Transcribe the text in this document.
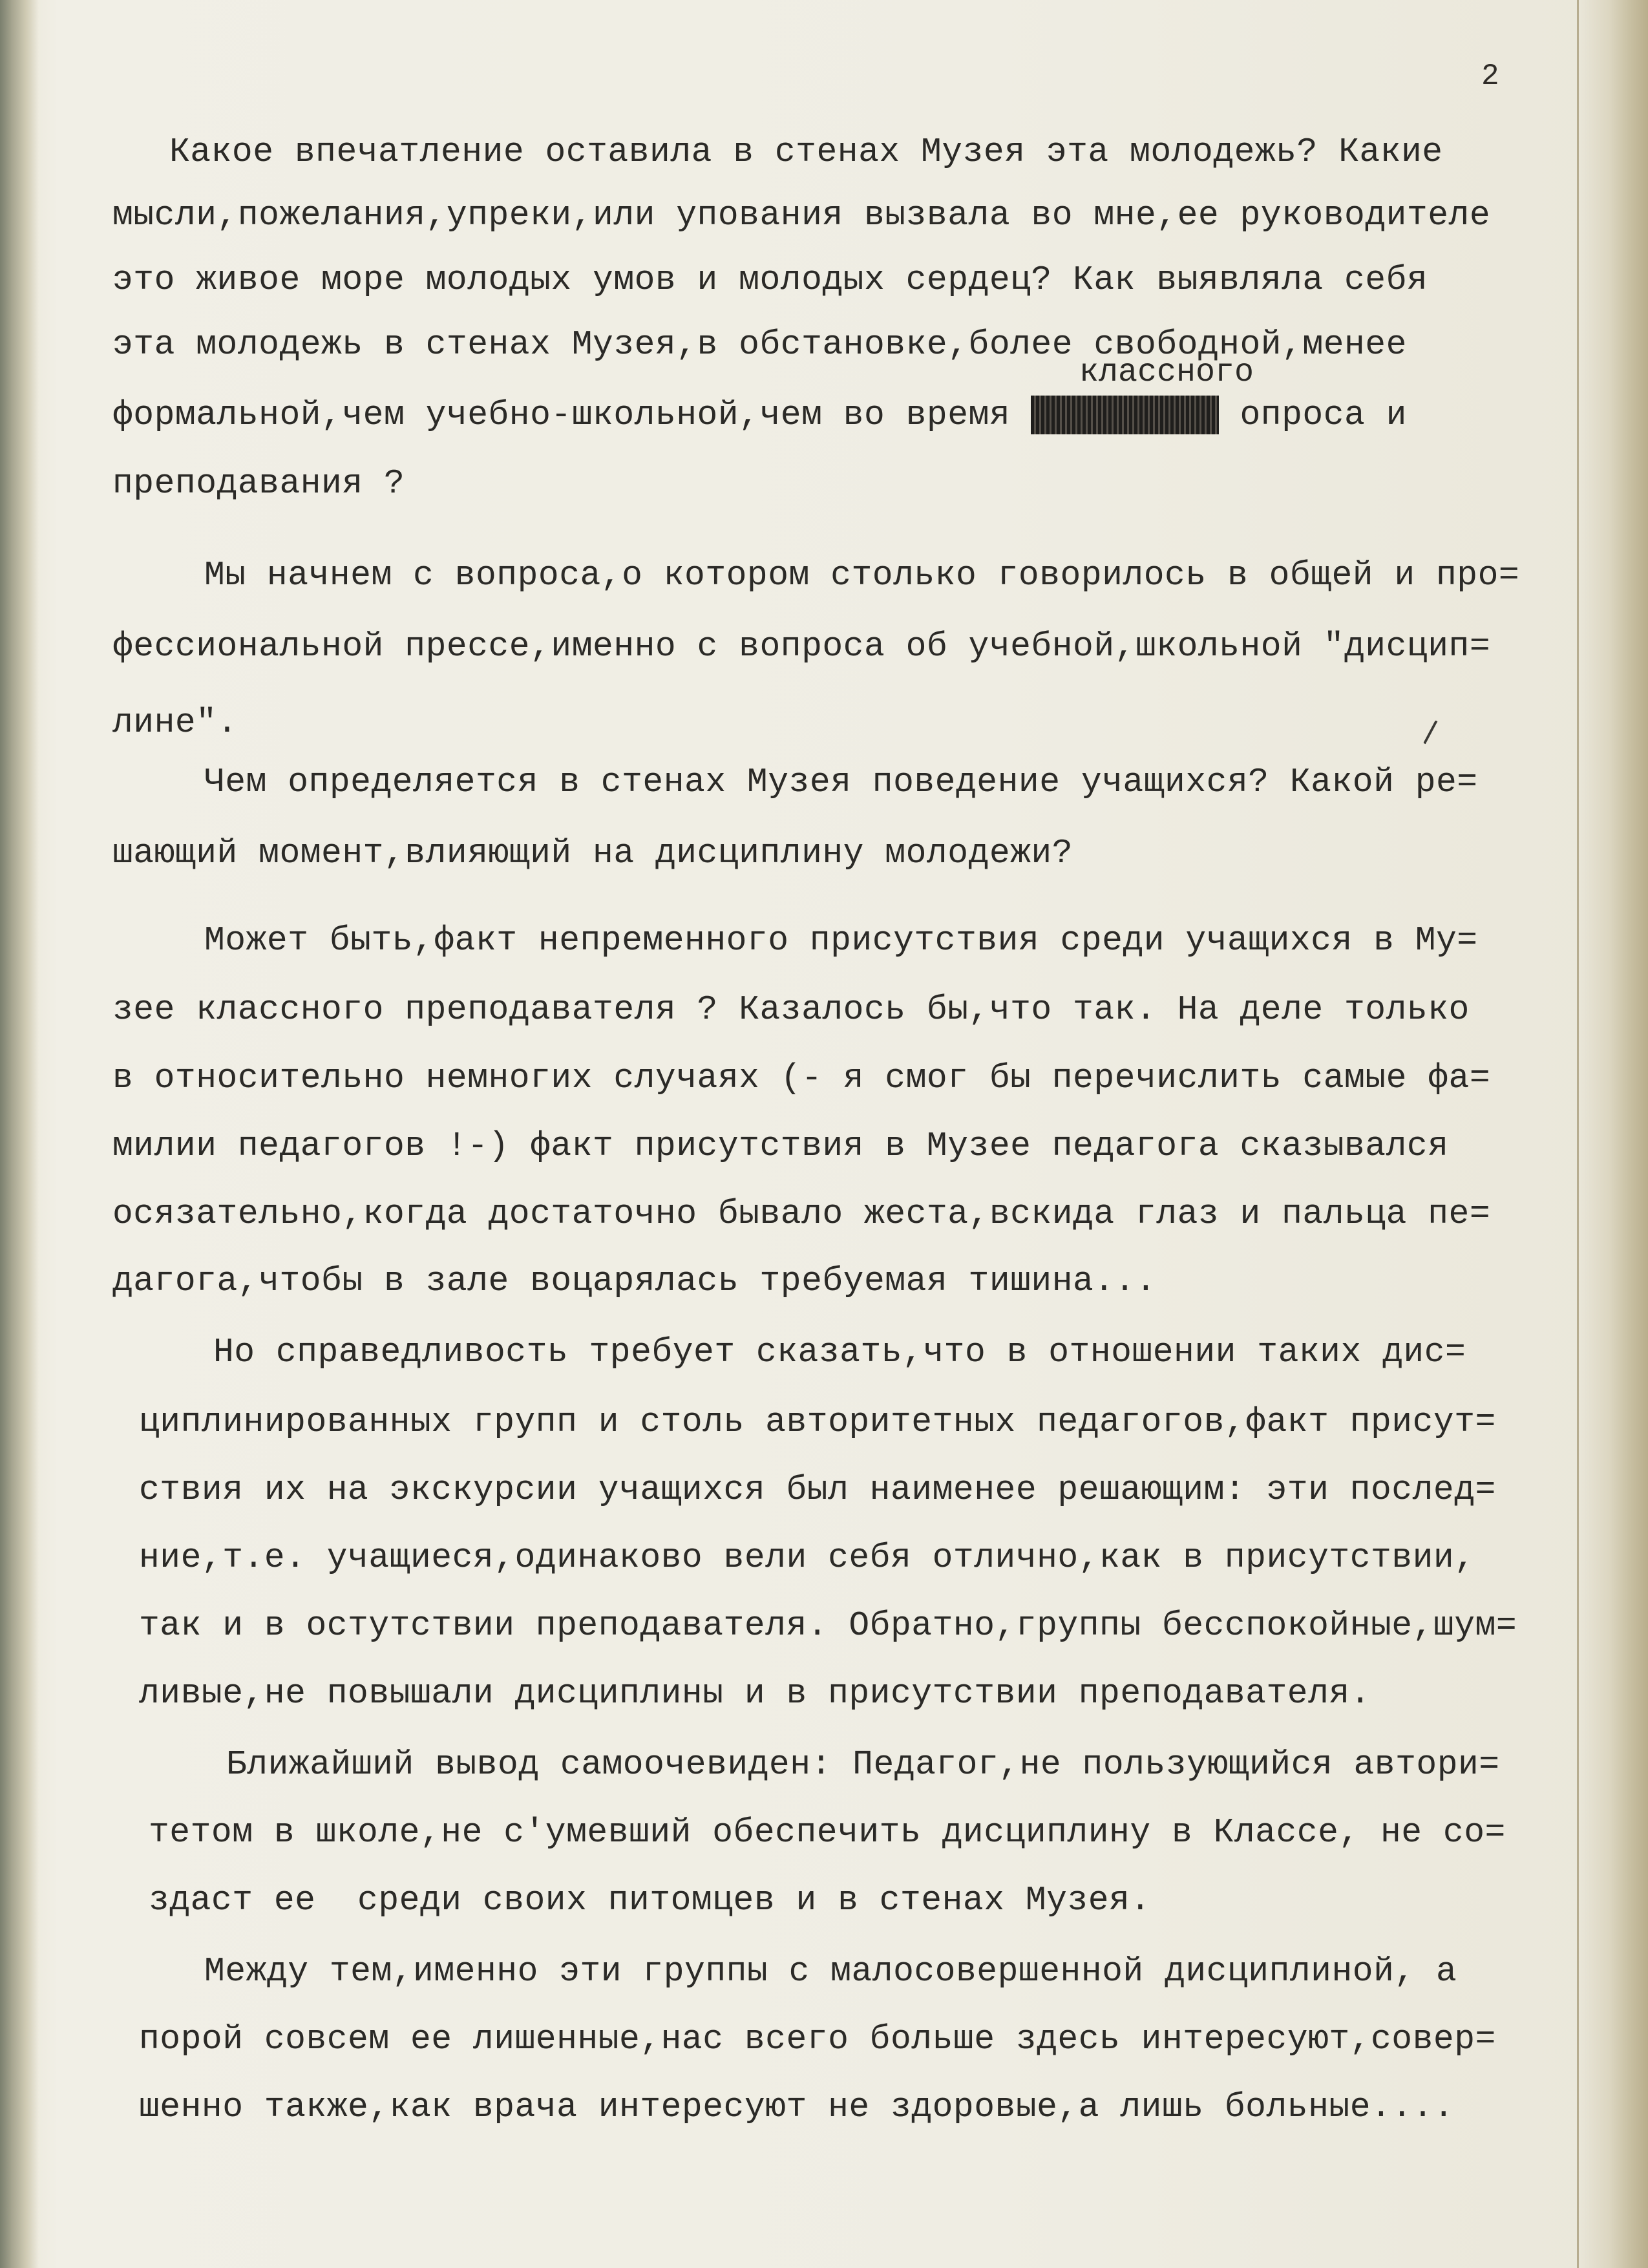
2
Какое впечатление оставила в стенах Музея эта молодежь? Какие
мысли,пожелания,упреки,или упования вызвала во мне,ее руководителе
это живое море молодых умов и молодых сердец? Как выявляла себя
эта молодежь в стенах Музея,в обстановке,более свободной,менее
классного
формальной,чем учебно-школьной,чем во время	опроса и
преподавания ?
Мы начнем с вопроса,о котором столько говорилось в общей и про=
фессиональной прессе,именно с вопроса об учебной,школьной "дисцип=
лине".
Чем определяется в стенах Музея поведение учащихся? Какой ре=
шающий момент,влияющий на дисциплину молодежи?
Может быть,факт непременного присутствия среди учащихся в Му=
зее классного преподавателя ? Казалось бы,что так. На деле только
в относительно немногих случаях (- я смог бы перечислить самые фа=
милии педагогов !-) факт присутствия в Музее педагога сказывался
осязательно,когда достаточно бывало жеста,вскида глаз и пальца пе=
дагога,чтобы в зале воцарялась требуемая тишина...
Но справедливость требует сказать,что в отношении таких дис=
циплинированных групп и столь авторитетных педагогов,факт присут=
ствия их на экскурсии учащихся был наименее решающим: эти послед=
ние,т.е. учащиеся,одинаково вели себя отлично,как в присутствии,
так и в остутствии преподавателя. Обратно,группы бесспокойные,шум=
ливые,не повышали дисциплины и в присутствии преподавателя.
Ближайший вывод самоочевиден: Педагог,не пользующийся автори=
тетом в школе,не с'умевший обеспечить дисциплину в Классе, не со=
здаст ее  среди своих питомцев и в стенах Музея.
Между тем,именно эти группы с малосовершенной дисциплиной, а
порой совсем ее лишенные,нас всего больше здесь интересуют,совер=
шенно также,как врача интересуют не здоровые,а лишь больные....
